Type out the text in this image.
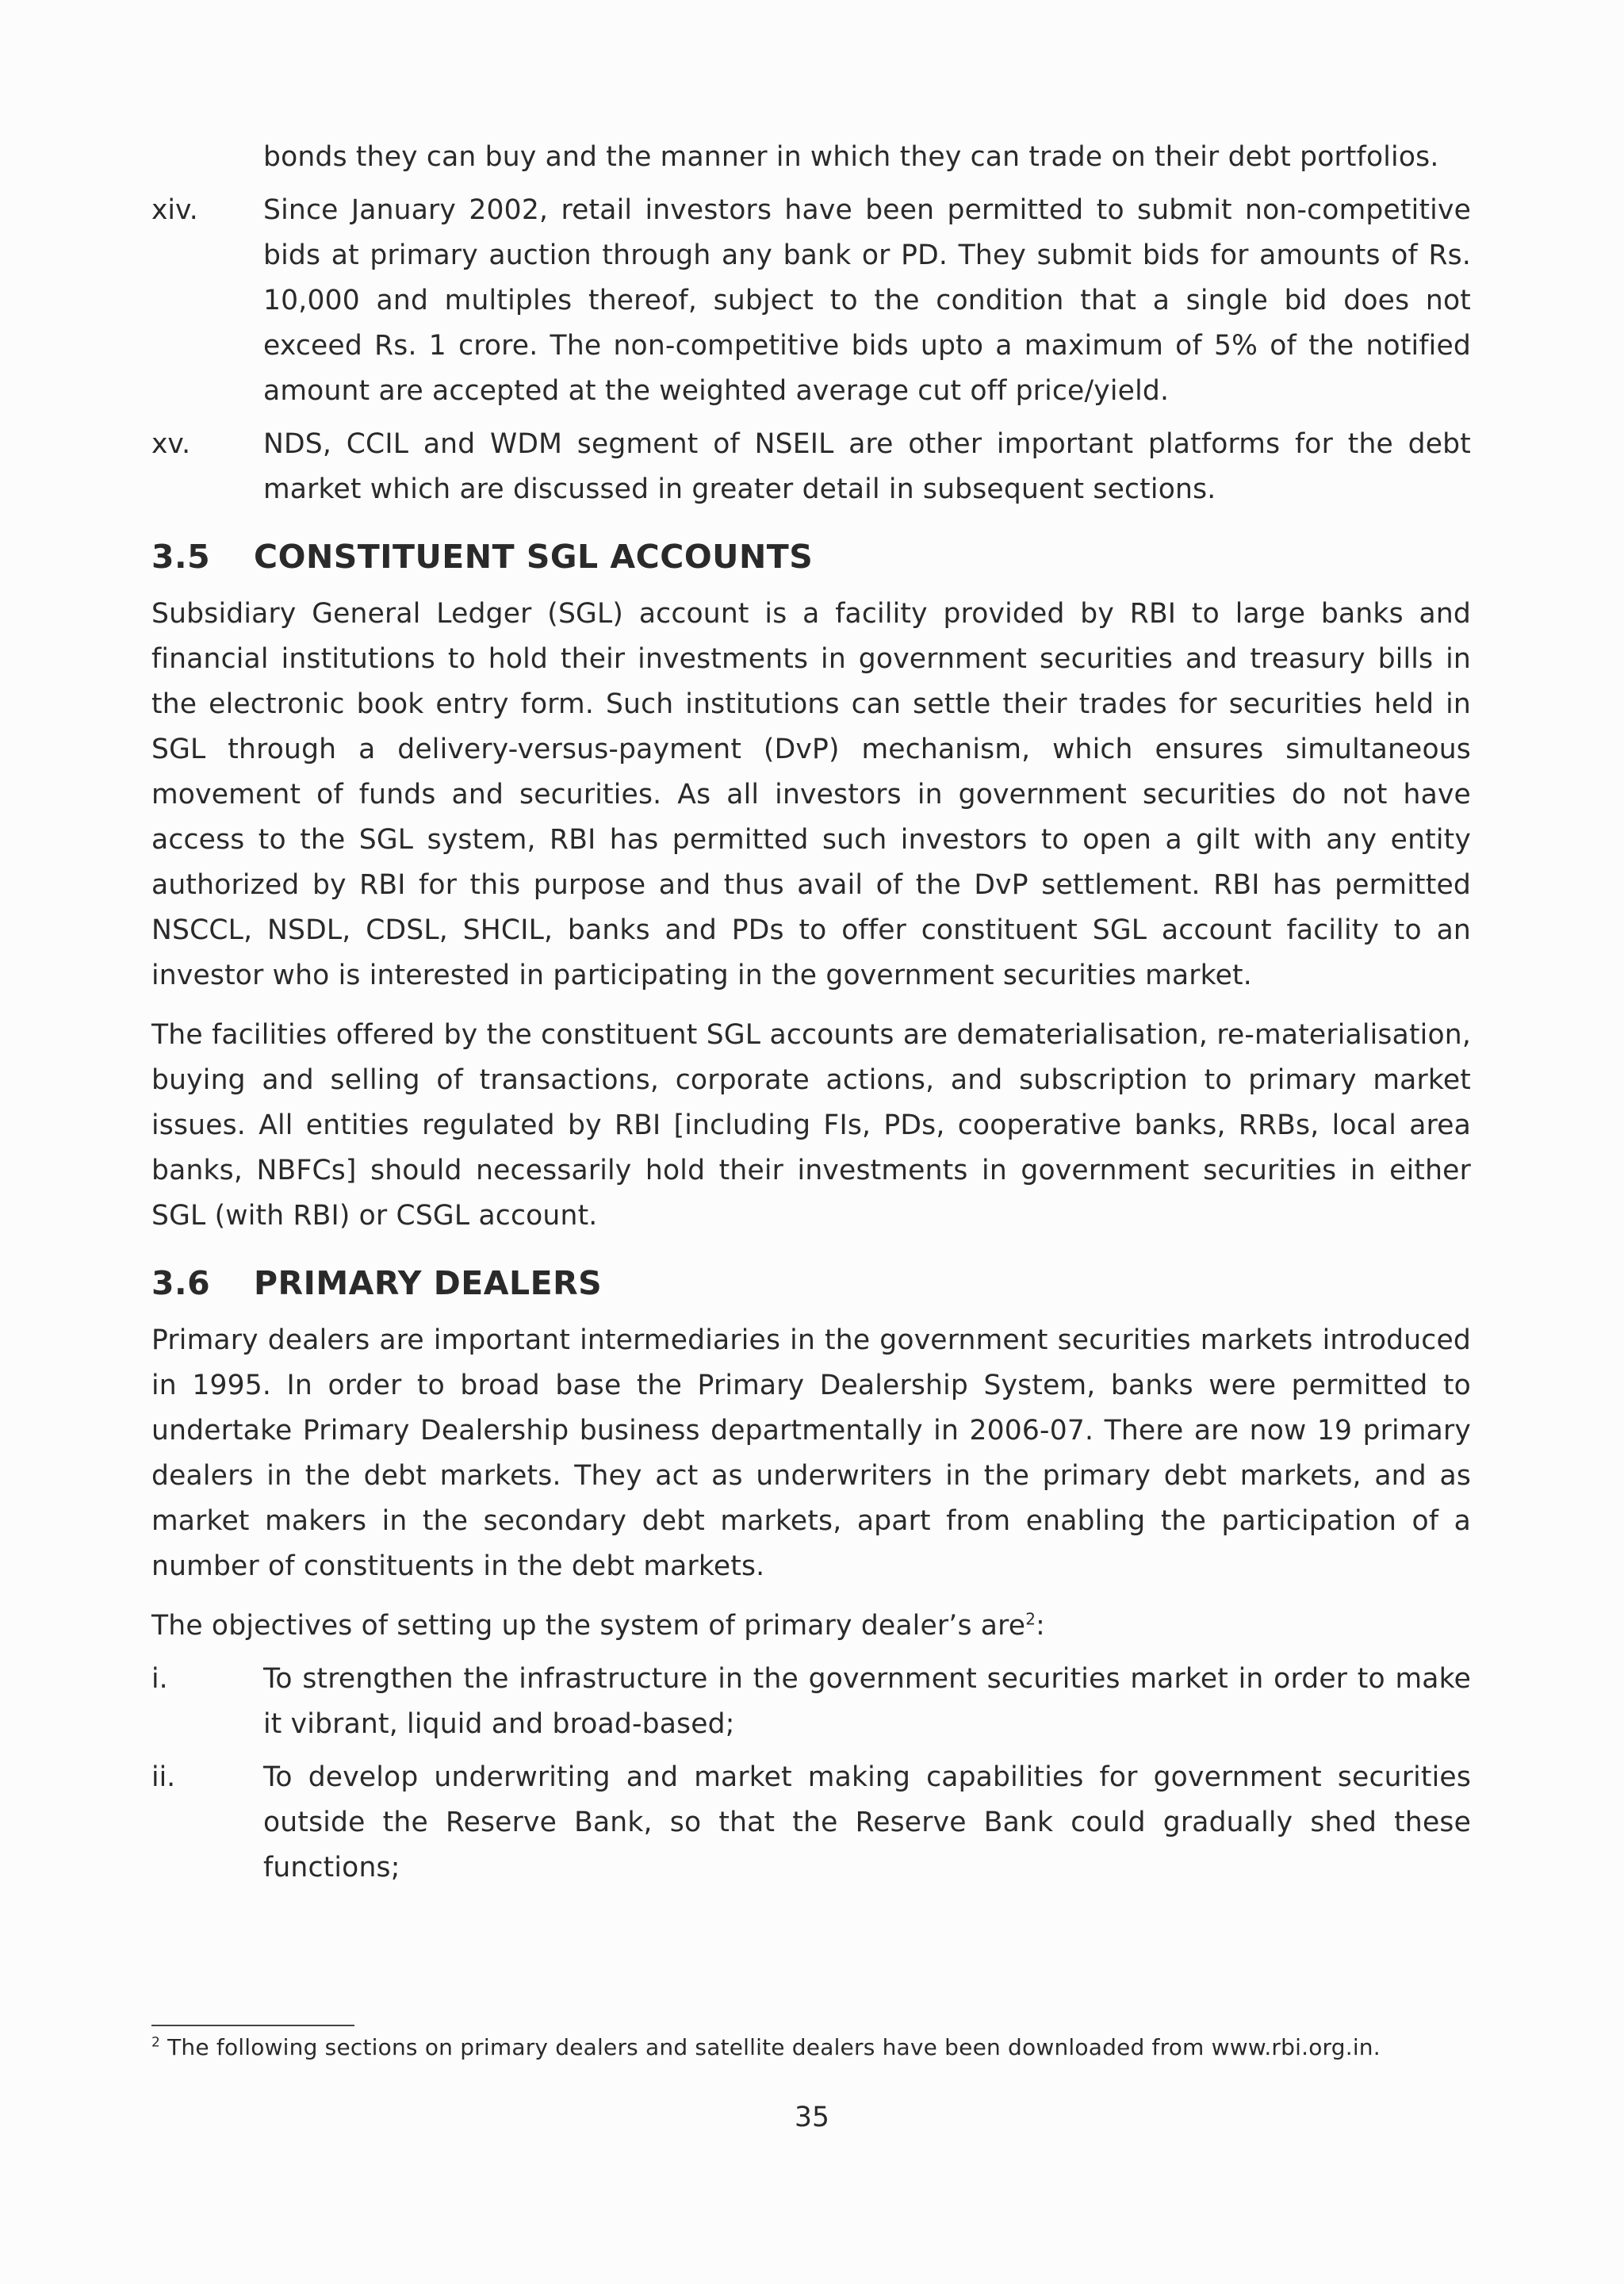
bonds they can buy and the manner in which they can trade on their debt portfolios.
xiv.	Since January 2002, retail investors have been permitted to submit non-competitive bids at primary auction through any bank or PD. They submit bids for amounts of Rs. 10,000 and multiples thereof, subject to the condition that a single bid does not exceed Rs. 1 crore. The non-competitive bids upto a maximum of 5% of the notified amount are accepted at the weighted average cut off price/yield.
xv.	NDS, CCIL and WDM segment of NSEIL are other important platforms for the debt market which are discussed in greater detail in subsequent sections.
3.5	CONSTITUENT SGL ACCOUNTS

Subsidiary General Ledger (SGL) account is a facility provided by RBI to large banks and financial institutions to hold their investments in government securities and treasury bills in the electronic book entry form. Such institutions can settle their trades for securities held in SGL through a delivery-versus-payment (DvP) mechanism, which ensures simultaneous movement of funds and securities. As all investors in government securities do not have access to the SGL system, RBI has permitted such investors to open a gilt with any entity authorized by RBI for this purpose and thus avail of the DvP settlement. RBI has permitted NSCCL, NSDL, CDSL, SHCIL, banks and PDs to offer constituent SGL account facility to an investor who is interested in participating in the government securities market.

The facilities offered by the constituent SGL accounts are dematerialisation, re-materialisation, buying and selling of transactions, corporate actions, and subscription to primary market issues. All entities regulated by RBI [including FIs, PDs, cooperative banks, RRBs, local area banks, NBFCs] should necessarily hold their investments in government securities in either SGL (with RBI) or CSGL account.

3.6	PRIMARY DEALERS

Primary dealers are important intermediaries in the government securities markets introduced in 1995. In order to broad base the Primary Dealership System, banks were permitted to undertake Primary Dealership business departmentally in 2006-07. There are now 19 primary dealers in the debt markets. They act as underwriters in the primary debt markets, and as market makers in the secondary debt markets, apart from enabling the participation of a number of constituents in the debt markets.

The objectives of setting up the system of primary dealer’s are$^2$:

i.	To strengthen the infrastructure in the government securities market in order to make it vibrant, liquid and broad-based;
ii.	To develop underwriting and market making capabilities for government securities outside the Reserve Bank, so that the Reserve Bank could gradually shed these functions;

$^2$ The following sections on primary dealers and satellite dealers have been downloaded from www.rbi.org.in.

35
